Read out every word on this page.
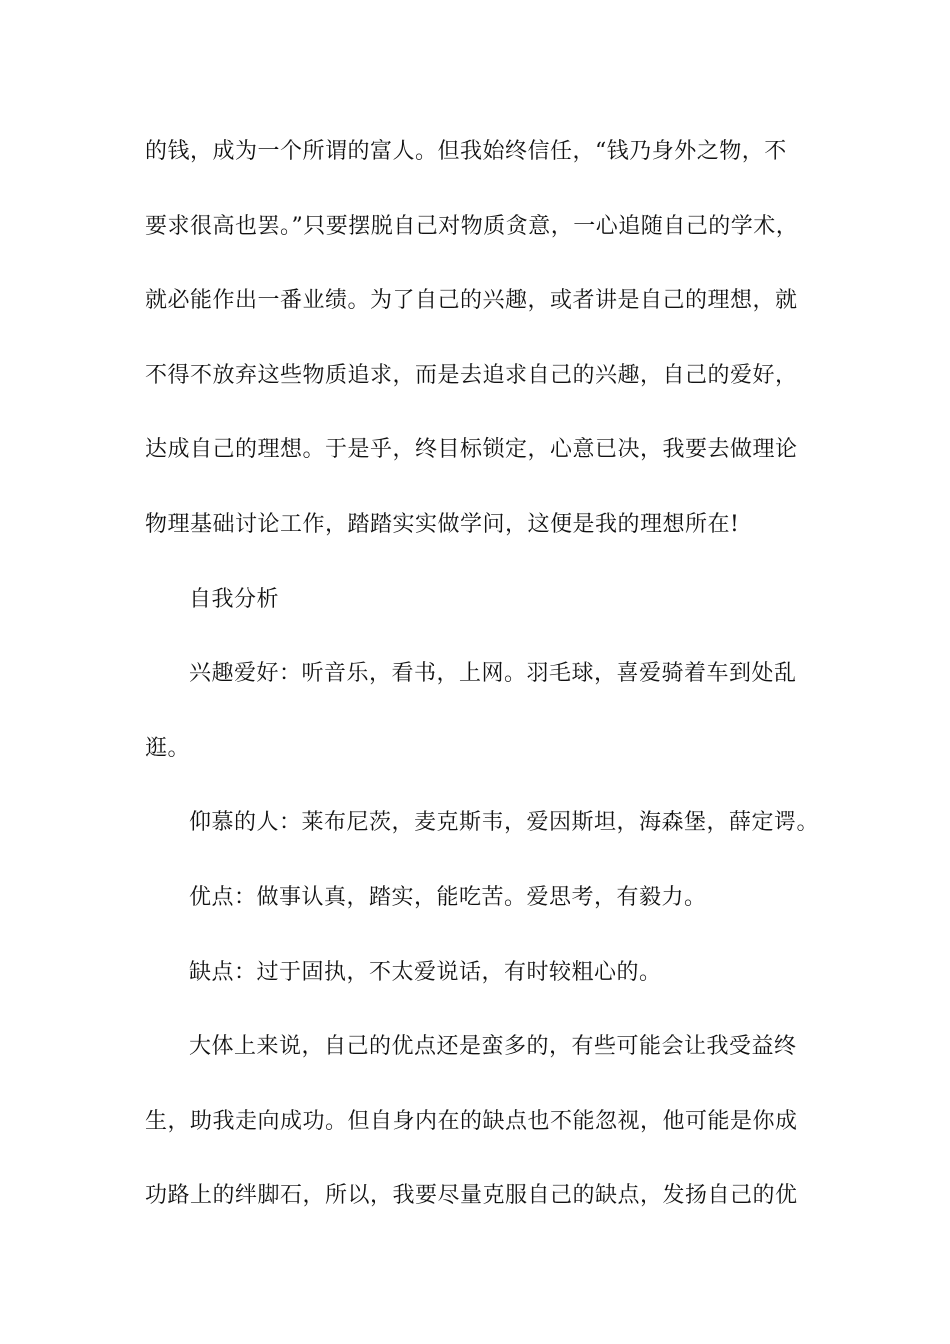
的钱，成为一个所谓的富人。但我始终信任，“钱乃身外之物，不
要求很高也罢。”只要摆脱自己对物质贪意，一心追随自己的学术，
就必能作出一番业绩。为了自己的兴趣，或者讲是自己的理想，就
不得不放弃这些物质追求，而是去追求自己的兴趣，自己的爱好，
达成自己的理想。于是乎，终目标锁定，心意已决，我要去做理论
物理基础讨论工作，踏踏实实做学问，这便是我的理想所在!
自我分析
兴趣爱好：听音乐，看书，上网。羽毛球，喜爱骑着车到处乱
逛。
仰慕的人：莱布尼茨，麦克斯韦，爱因斯坦，海森堡，薛定谔。
优点：做事认真，踏实，能吃苦。爱思考，有毅力。
缺点：过于固执，不太爱说话，有时较粗心的。
大体上来说，自己的优点还是蛮多的，有些可能会让我受益终
生，助我走向成功。但自身内在的缺点也不能忽视，他可能是你成
功路上的绊脚石，所以，我要尽量克服自己的缺点，发扬自己的优
